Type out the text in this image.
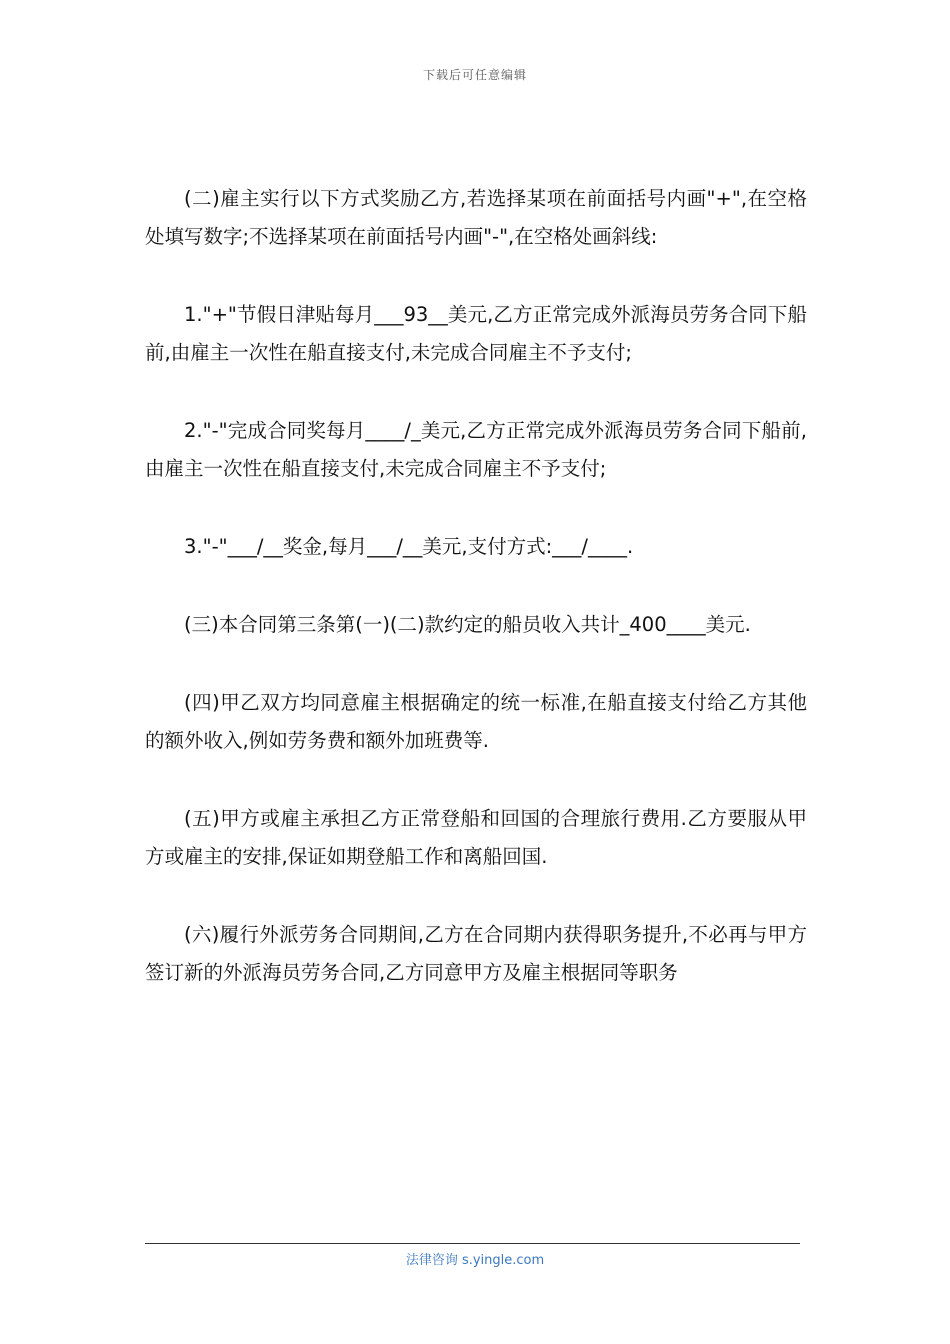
下载后可任意编辑

(二)雇主实行以下方式奖励乙方,若选择某项在前面括号内画"+",在空格处填写数字;不选择某项在前面括号内画"-",在空格处画斜线:

1."+"节假日津贴每月___93__美元,乙方正常完成外派海员劳务合同下船前,由雇主一次性在船直接支付,未完成合同雇主不予支付;

2."-"完成合同奖每月____/_美元,乙方正常完成外派海员劳务合同下船前,由雇主一次性在船直接支付,未完成合同雇主不予支付;

3."-"___/__奖金,每月___/__美元,支付方式:___/____.

(三)本合同第三条第(一)(二)款约定的船员收入共计_400____美元.

(四)甲乙双方均同意雇主根据确定的统一标准,在船直接支付给乙方其他的额外收入,例如劳务费和额外加班费等.

(五)甲方或雇主承担乙方正常登船和回国的合理旅行费用.乙方要服从甲方或雇主的安排,保证如期登船工作和离船回国.

(六)履行外派劳务合同期间,乙方在合同期内获得职务提升,不必再与甲方签订新的外派海员劳务合同,乙方同意甲方及雇主根据同等职务

法律咨询 s.yingle.com
